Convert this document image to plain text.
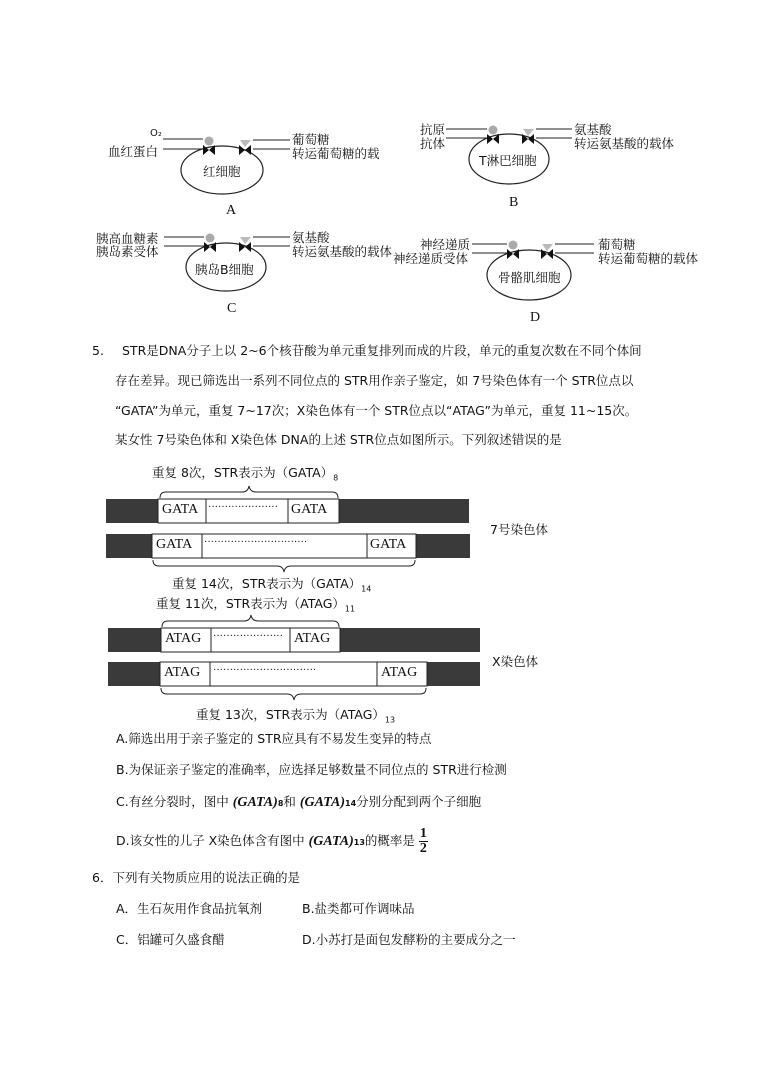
O₂
血红蛋白
葡萄糖
转运葡萄糖的载
红细胞
A
抗原
抗体
氨基酸
转运氨基酸的载体
T淋巴细胞
B
胰高血糖素
胰岛素受体
氨基酸
转运氨基酸的载体
胰岛B细胞
C
神经递质
神经递质受体
葡萄糖
转运葡萄糖的载体
骨骼肌细胞
D
5. STR是DNA分子上以 2~6个核苷酸为单元重复排列而成的片段，单元的重复次数在不同个体间
存在差异。现已筛选出一系列不同位点的 STR用作亲子鉴定，如 7号染色体有一个 STR位点以
“GATA”为单元，重复 7~17次；X染色体有一个 STR位点以“ATAG”为单元，重复 11~15次。
某女性 7号染色体和 X染色体 DNA的上述 STR位点如图所示。下列叙述错误的是
重复 8次，STR表示为$(GATA)_8$
GATA ····················· GATA
GATA ·······························	GATA
重复 14次，STR表示为$(GATA)_{14}$
7号染色体
重复 11次，STR表示为$(ATAG)_{11}$
ATAG ····················· ATAG
ATAG ·······························	ATAG
重复 13次，STR表示为$(ATAG)_{13}$
X染色体
A.筛选出用于亲子鉴定的 STR应具有不易发生变异的特点
B.为保证亲子鉴定的准确率，应选择足够数量不同位点的 STR进行检测
C.有丝分裂时，图中 (GATA)8和 (GATA)14分别分配到两个子细胞
D.该女性的儿子 X染色体含有图中 (GATA)13的概率是 $\frac{1}{2}$
6．下列有关物质应用的说法正确的是
A．生石灰用作食品抗氧剂	B.盐类都可作调味品
C．铝罐可久盛食醋	D.小苏打是面包发酵粉的主要成分之一
